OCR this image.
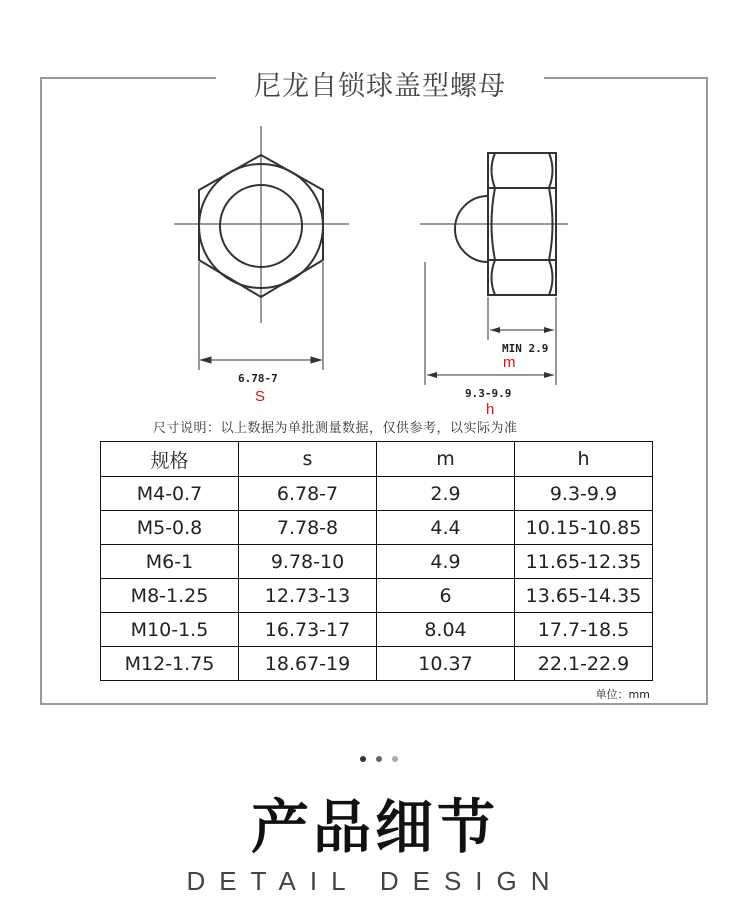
尼龙自锁球盖型螺母
6.78-7
S
MIN 2.9
m
9.3-9.9
h
尺寸说明：以上数据为单批测量数据，仅供参考，以实际为准
规格	s	m	h
M4-0.7	6.78-7	2.9	9.3-9.9
M5-0.8	7.78-8	4.4	10.15-10.85
M6-1	9.78-10	4.9	11.65-12.35
M8-1.25	12.73-13	6	13.65-14.35
M10-1.5	16.73-17	8.04	17.7-18.5
M12-1.75	18.67-19	10.37	22.1-22.9
单位：mm
产品细节
DETAIL DESIGN
